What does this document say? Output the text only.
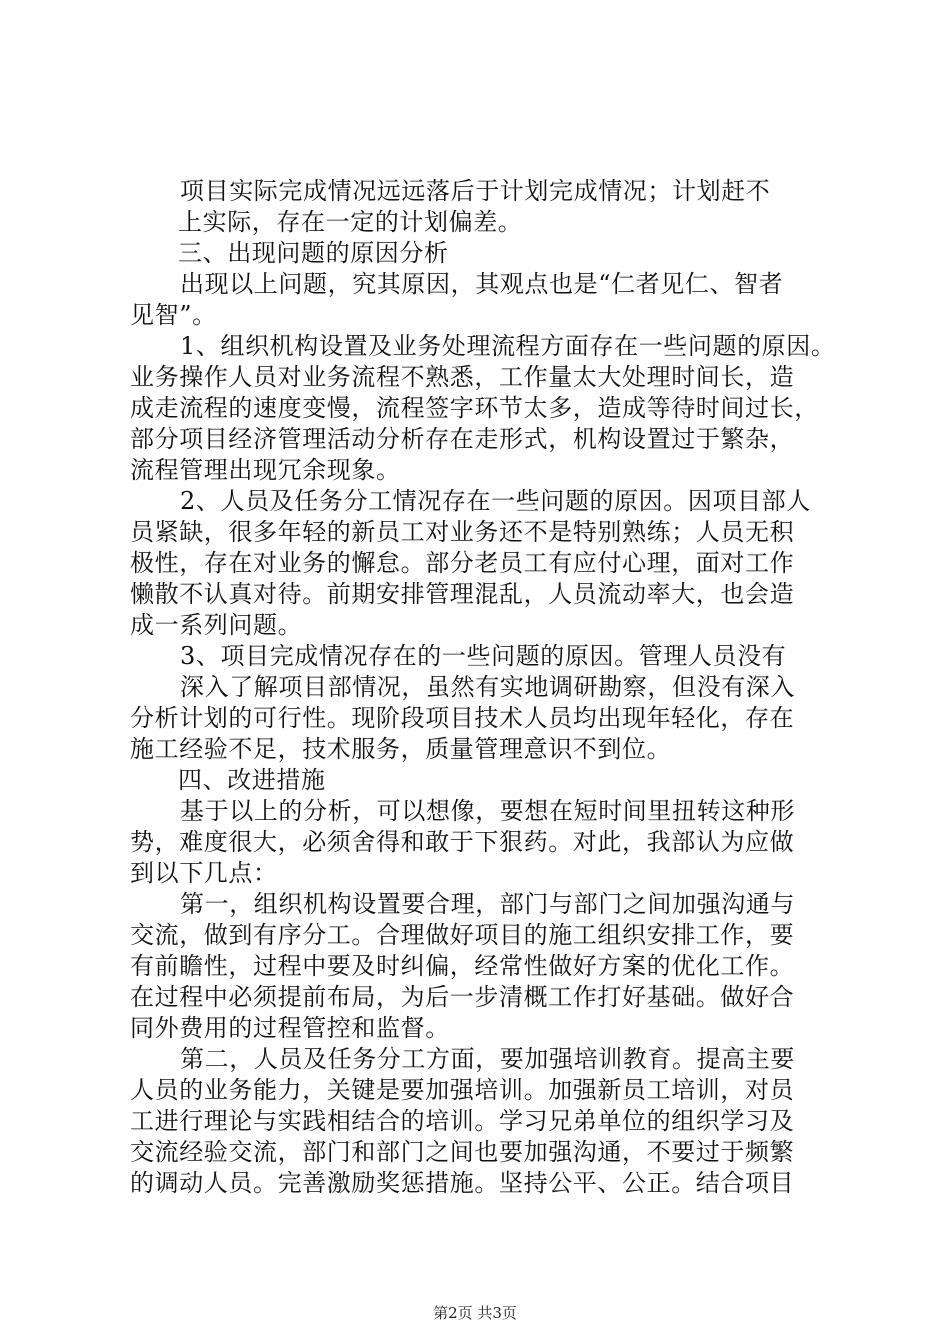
项目实际完成情况远远落后于计划完成情况；计划赶不

上实际，存在一定的计划偏差。

三、出现问题的原因分析

出现以上问题，究其原因，其观点也是“仁者见仁、智者

见智”。

1、组织机构设置及业务处理流程方面存在一些问题的原因。

业务操作人员对业务流程不熟悉，工作量太大处理时间长，造

成走流程的速度变慢，流程签字环节太多，造成等待时间过长，

部分项目经济管理活动分析存在走形式，机构设置过于繁杂，

流程管理出现冗余现象。

2、人员及任务分工情况存在一些问题的原因。因项目部人

员紧缺，很多年轻的新员工对业务还不是特别熟练；人员无积

极性，存在对业务的懈怠。部分老员工有应付心理，面对工作

懒散不认真对待。前期安排管理混乱，人员流动率大，也会造

成一系列问题。

3、项目完成情况存在的一些问题的原因。管理人员没有

深入了解项目部情况，虽然有实地调研勘察，但没有深入

分析计划的可行性。现阶段项目技术人员均出现年轻化，存在

施工经验不足，技术服务，质量管理意识不到位。

四、改进措施

基于以上的分析，可以想像，要想在短时间里扭转这种形

势，难度很大，必须舍得和敢于下狠药。对此，我部认为应做

到以下几点：

第一，组织机构设置要合理，部门与部门之间加强沟通与

交流，做到有序分工。合理做好项目的施工组织安排工作，要

有前瞻性，过程中要及时纠偏，经常性做好方案的优化工作。

在过程中必须提前布局，为后一步清概工作打好基础。做好合

同外费用的过程管控和监督。

第二，人员及任务分工方面，要加强培训教育。提高主要

人员的业务能力，关键是要加强培训。加强新员工培训，对员

工进行理论与实践相结合的培训。学习兄弟单位的组织学习及

交流经验交流，部门和部门之间也要加强沟通，不要过于频繁

的调动人员。完善激励奖惩措施。坚持公平、公正。结合项目

第2页 共3页
